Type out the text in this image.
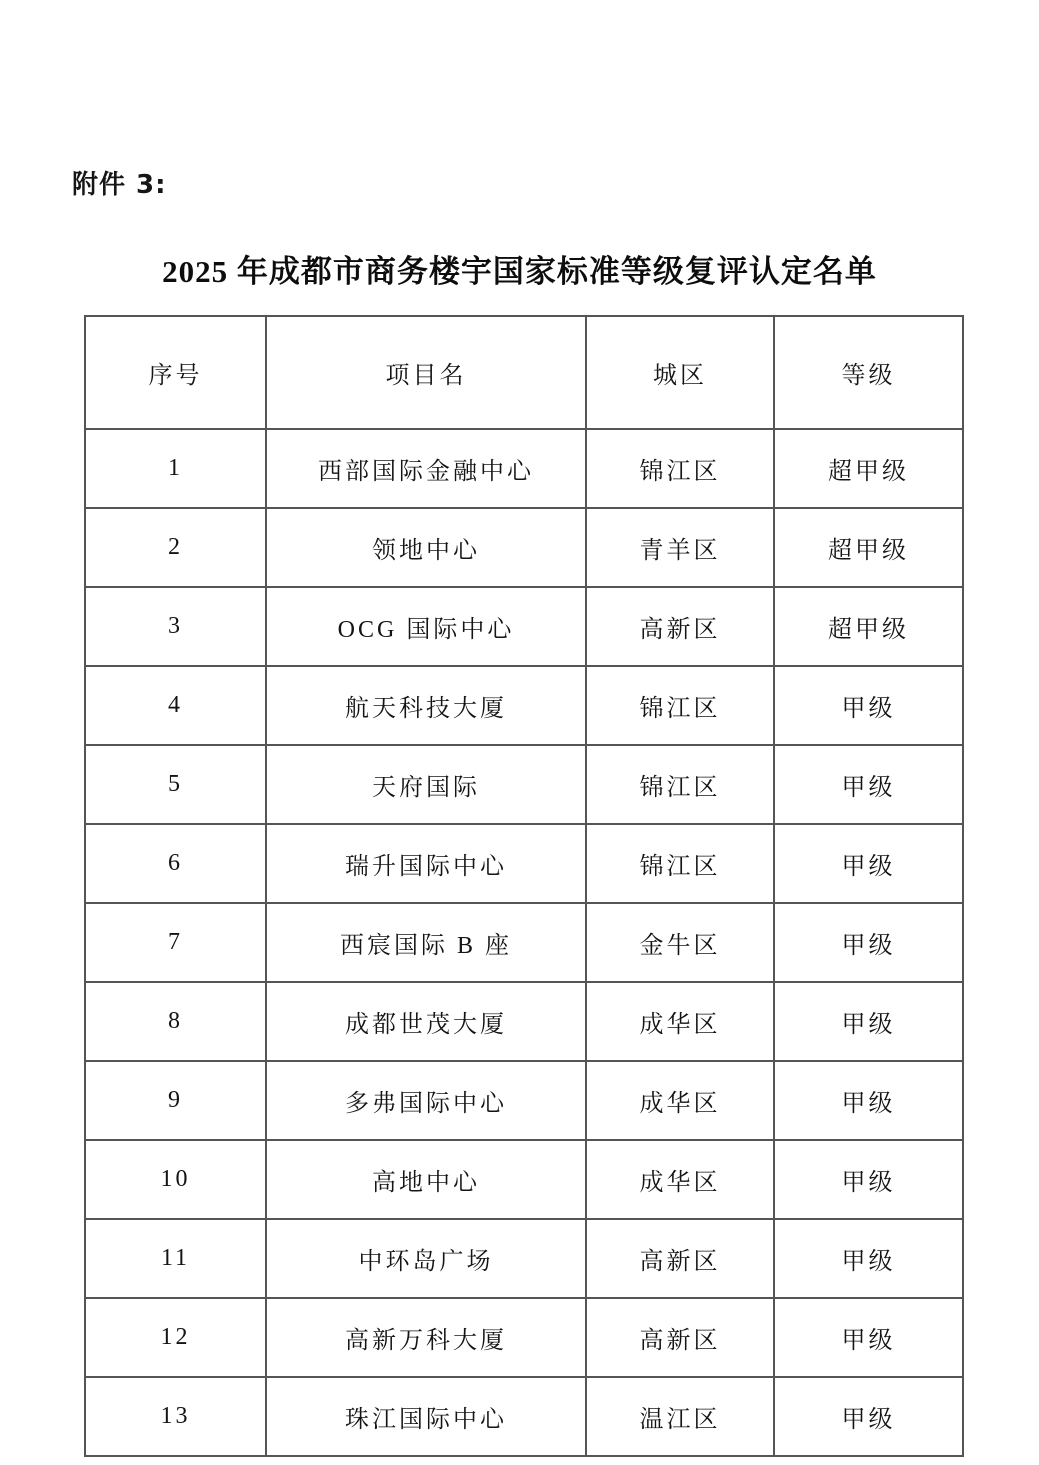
附件 3:
2025 年成都市商务楼宇国家标准等级复评认定名单
序号	项目名	城区	等级
1	西部国际金融中心	锦江区	超甲级
2	领地中心	青羊区	超甲级
3	OCG 国际中心	高新区	超甲级
4	航天科技大厦	锦江区	甲级
5	天府国际	锦江区	甲级
6	瑞升国际中心	锦江区	甲级
7	西宸国际 B 座	金牛区	甲级
8	成都世茂大厦	成华区	甲级
9	多弗国际中心	成华区	甲级
10	高地中心	成华区	甲级
11	中环岛广场	高新区	甲级
12	高新万科大厦	高新区	甲级
13	珠江国际中心	温江区	甲级
